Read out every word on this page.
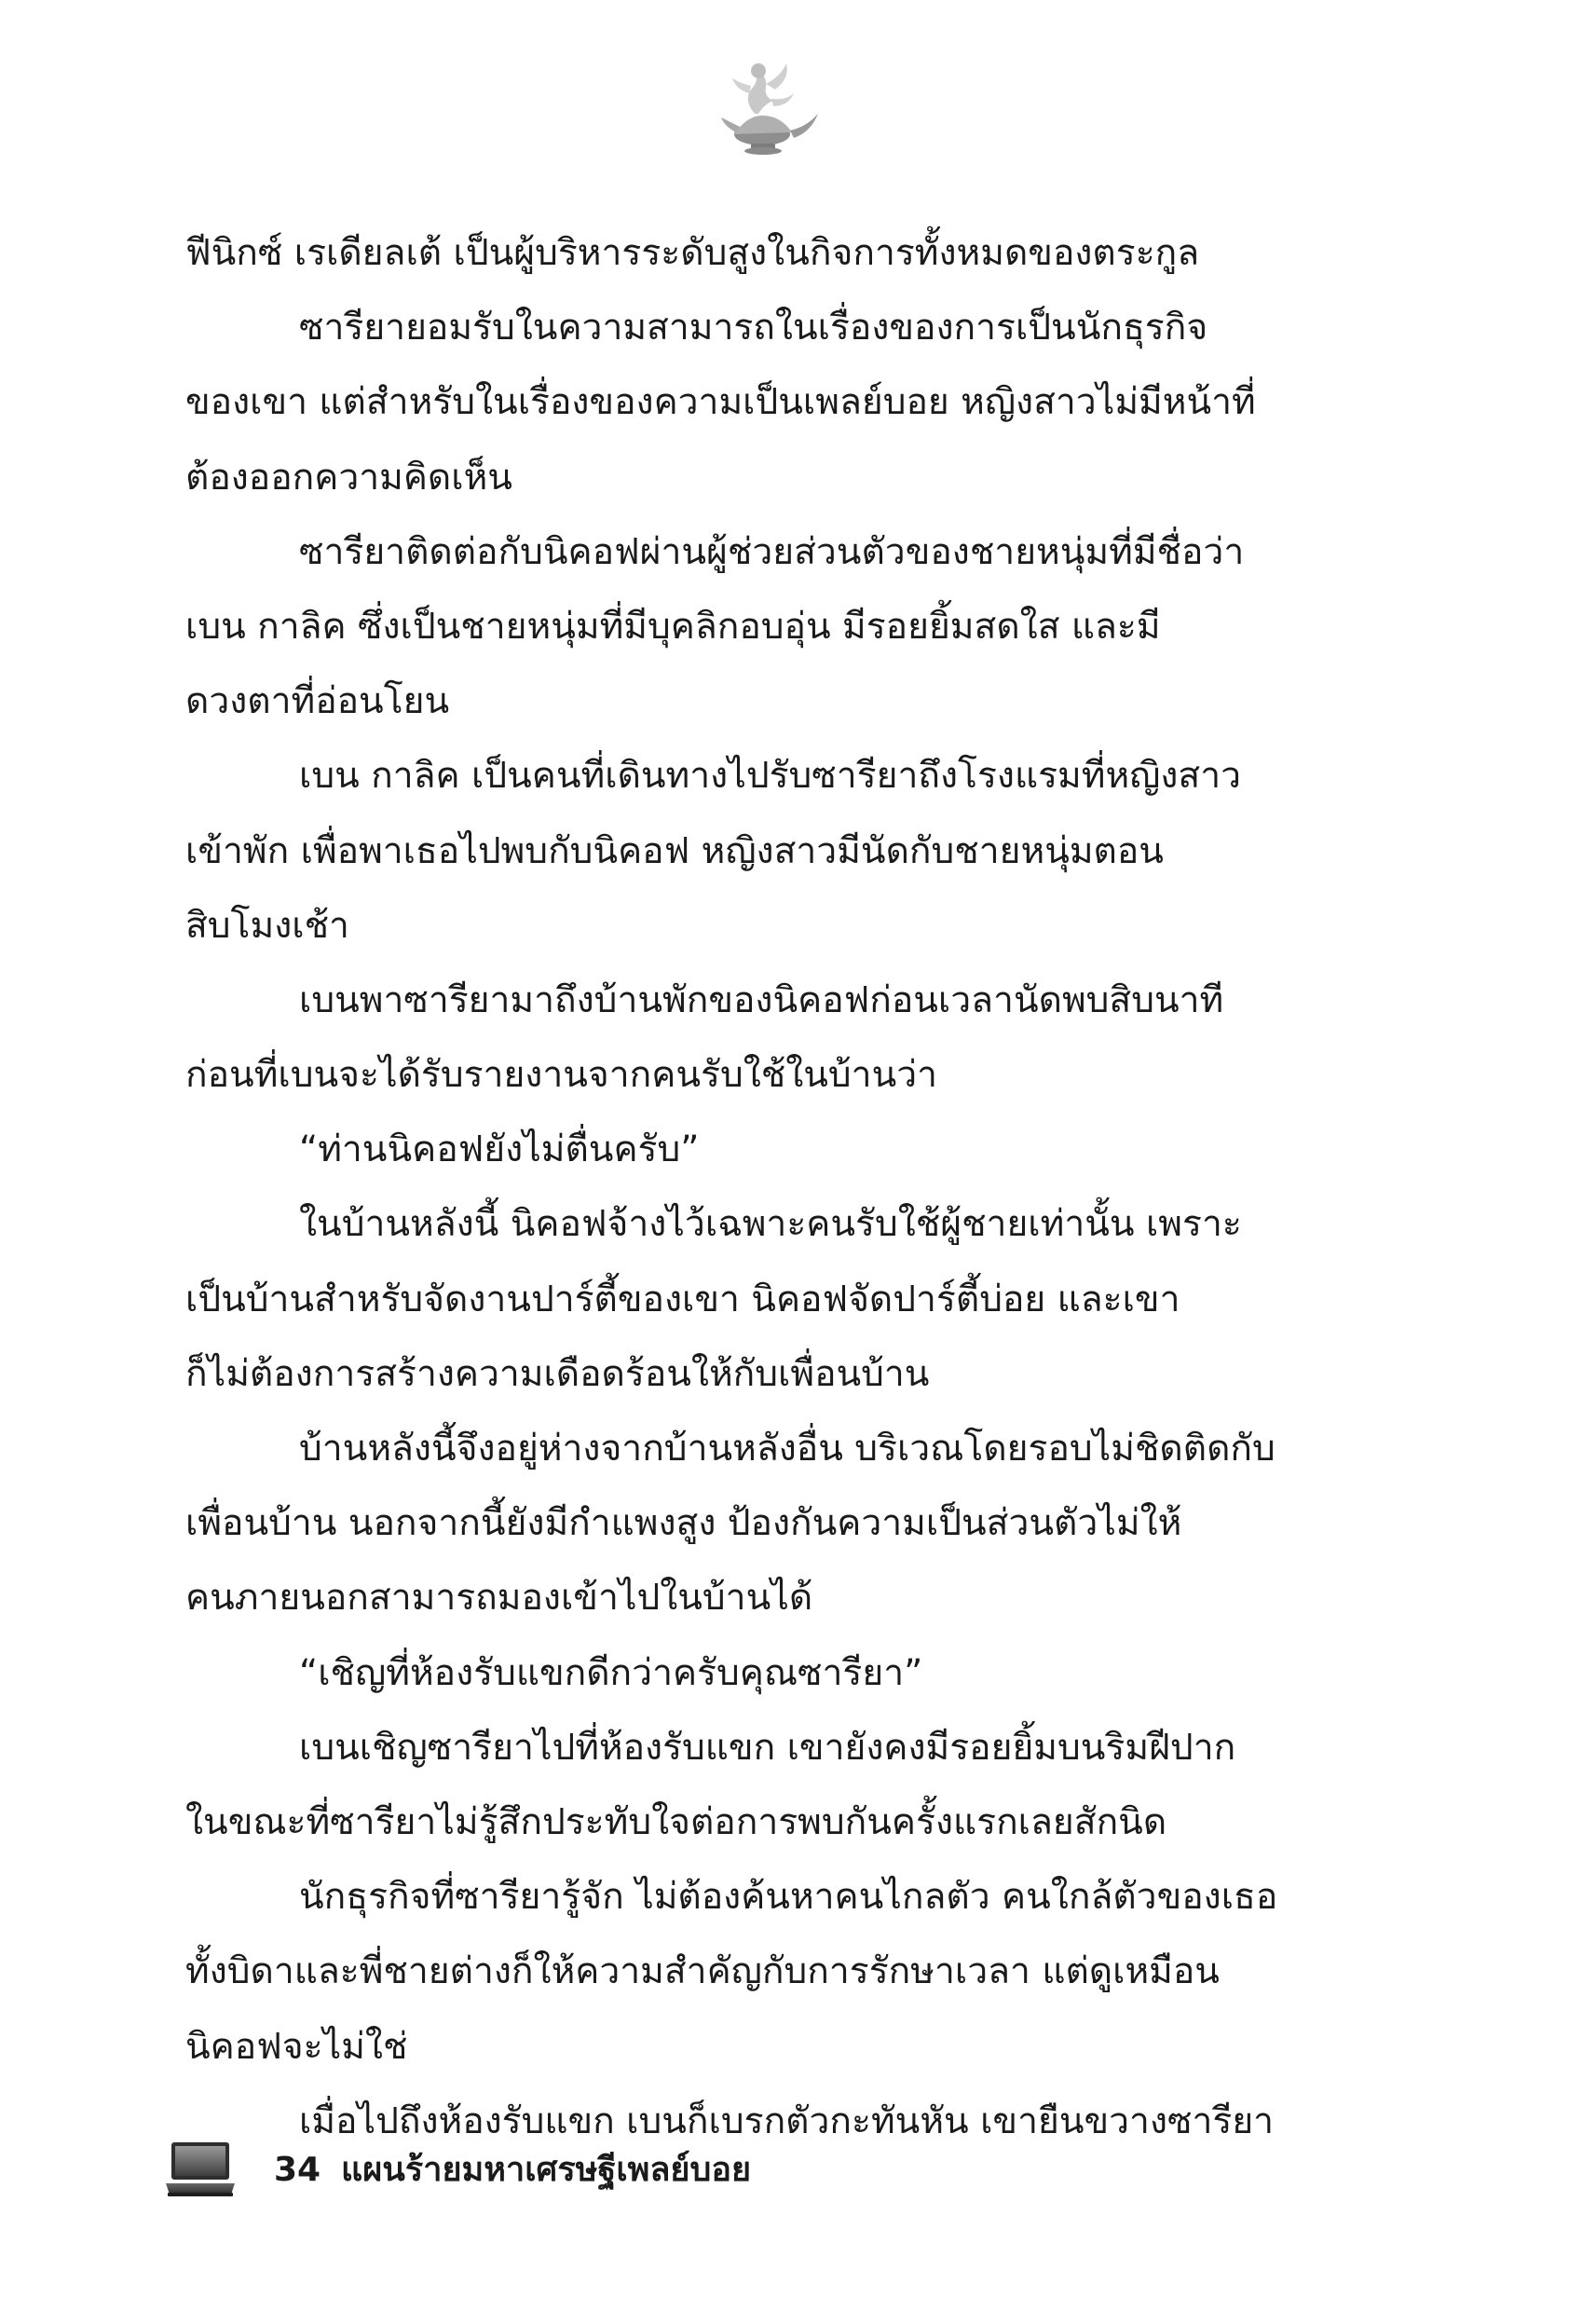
ฟีนิกซ์ เรเดียลเต้ เป็นผู้บริหารระดับสูงในกิจการทั้งหมดของตระกูล
ซารียายอมรับในความสามารถในเรื่องของการเป็นนักธุรกิจ
ของเขา แต่สำหรับในเรื่องของความเป็นเพลย์บอย หญิงสาวไม่มีหน้าที่
ต้องออกความคิดเห็น
ซารียาติดต่อกับนิคอฟผ่านผู้ช่วยส่วนตัวของชายหนุ่มที่มีชื่อว่า
เบน กาลิค ซึ่งเป็นชายหนุ่มที่มีบุคลิกอบอุ่น มีรอยยิ้มสดใส และมี
ดวงตาที่อ่อนโยน
เบน กาลิค เป็นคนที่เดินทางไปรับซารียาถึงโรงแรมที่หญิงสาว
เข้าพัก เพื่อพาเธอไปพบกับนิคอฟ หญิงสาวมีนัดกับชายหนุ่มตอน
สิบโมงเช้า
เบนพาซารียามาถึงบ้านพักของนิคอฟก่อนเวลานัดพบสิบนาที
ก่อนที่เบนจะได้รับรายงานจากคนรับใช้ในบ้านว่า
“ท่านนิคอฟยังไม่ตื่นครับ”
ในบ้านหลังนี้ นิคอฟจ้างไว้เฉพาะคนรับใช้ผู้ชายเท่านั้น เพราะ
เป็นบ้านสำหรับจัดงานปาร์ตี้ของเขา นิคอฟจัดปาร์ตี้บ่อย และเขา
ก็ไม่ต้องการสร้างความเดือดร้อนให้กับเพื่อนบ้าน
บ้านหลังนี้จึงอยู่ห่างจากบ้านหลังอื่น บริเวณโดยรอบไม่ชิดติดกับ
เพื่อนบ้าน นอกจากนี้ยังมีกำแพงสูง ป้องกันความเป็นส่วนตัวไม่ให้
คนภายนอกสามารถมองเข้าไปในบ้านได้
“เชิญที่ห้องรับแขกดีกว่าครับคุณซารียา”
เบนเชิญซารียาไปที่ห้องรับแขก เขายังคงมีรอยยิ้มบนริมฝีปาก
ในขณะที่ซารียาไม่รู้สึกประทับใจต่อการพบกันครั้งแรกเลยสักนิด
นักธุรกิจที่ซารียารู้จัก ไม่ต้องค้นหาคนไกลตัว คนใกล้ตัวของเธอ
ทั้งบิดาและพี่ชายต่างก็ให้ความสำคัญกับการรักษาเวลา แต่ดูเหมือน
นิคอฟจะไม่ใช่
เมื่อไปถึงห้องรับแขก เบนก็เบรกตัวกะทันหัน เขายืนขวางซารียา
34 แผนร้ายมหาเศรษฐีเพลย์บอย
